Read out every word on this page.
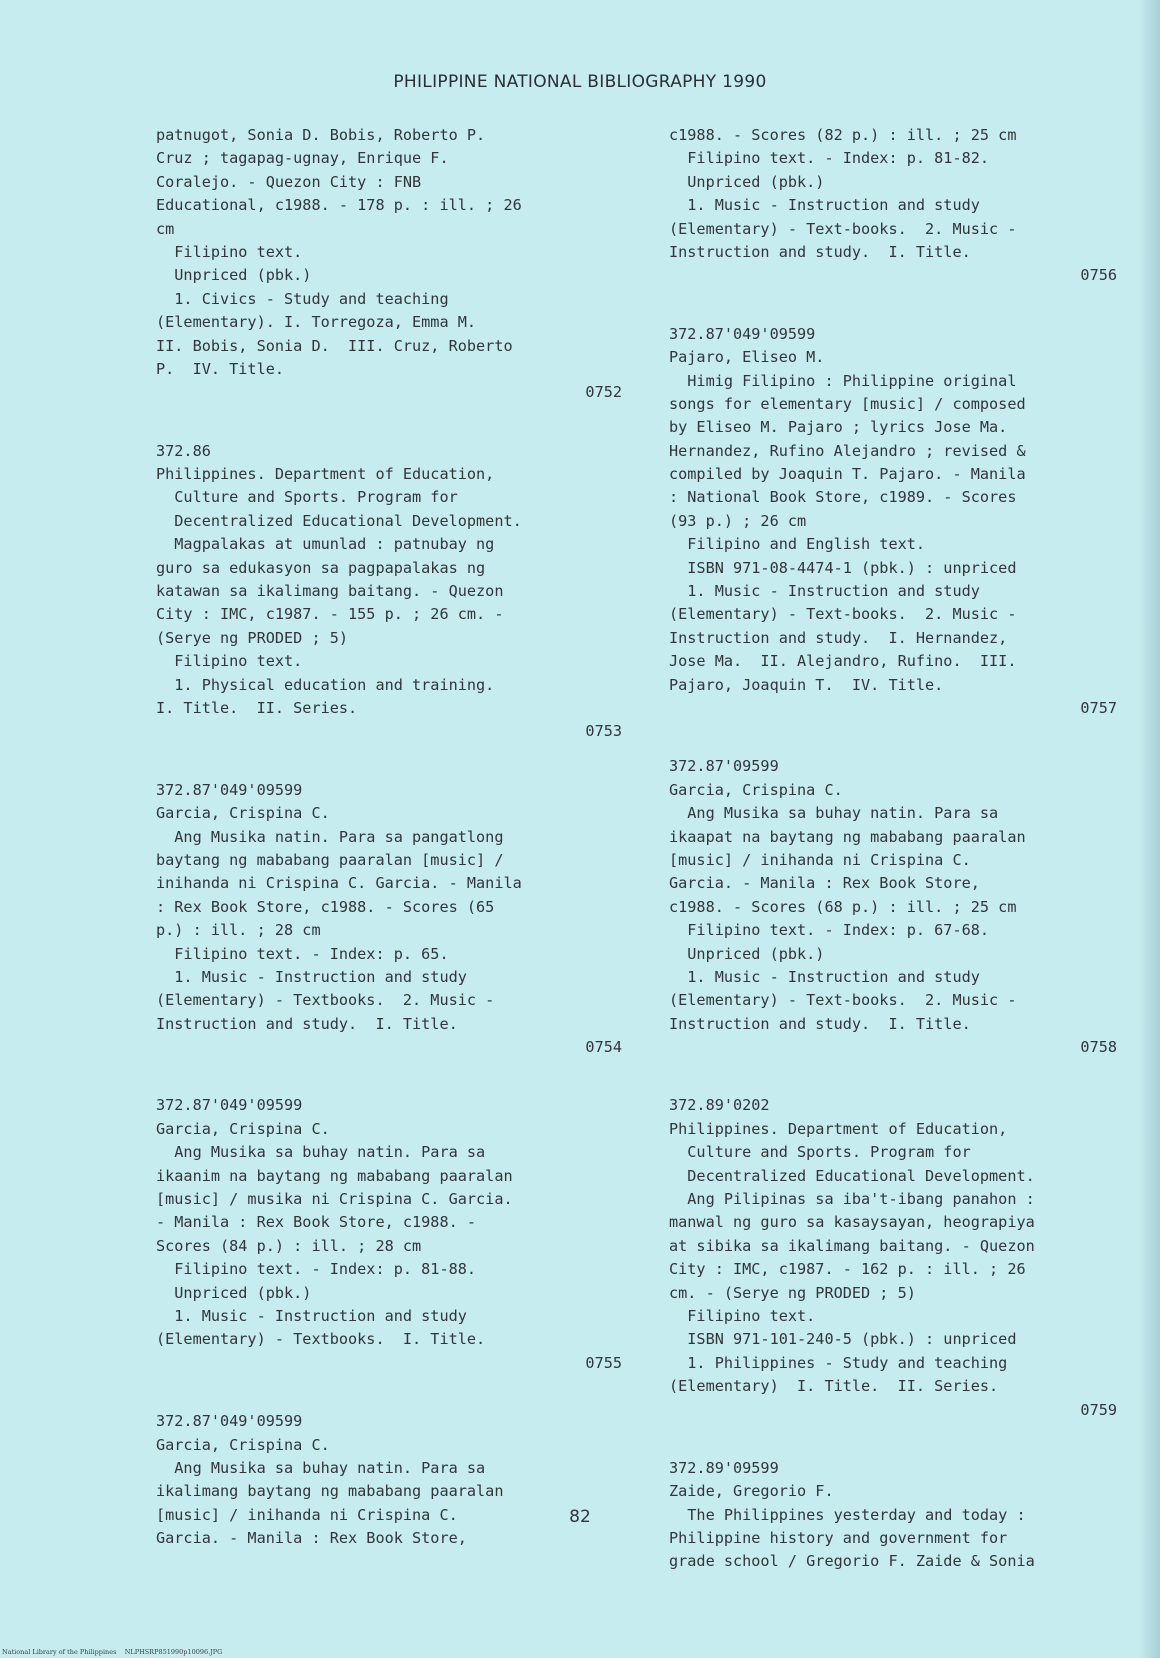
PHILIPPINE NATIONAL BIBLIOGRAPHY 1990
patnugot, Sonia D. Bobis, Roberto P.
Cruz ; tagapag-ugnay, Enrique F.
Coralejo. - Quezon City : FNB
Educational, c1988. - 178 p. : ill. ; 26
cm
Filipino text.
Unpriced (pbk.)
1. Civics - Study and teaching
(Elementary). I. Torregoza, Emma M.
II. Bobis, Sonia D.  III. Cruz, Roberto
P.  IV. Title.
0752
372.86
Philippines. Department of Education,
Culture and Sports. Program for
Decentralized Educational Development.
Magpalakas at umunlad : patnubay ng
guro sa edukasyon sa pagpapalakas ng
katawan sa ikalimang baitang. - Quezon
City : IMC, c1987. - 155 p. ; 26 cm. -
(Serye ng PRODED ; 5)
Filipino text.
1. Physical education and training.
I. Title.  II. Series.
0753
372.87'049'09599
Garcia, Crispina C.
Ang Musika natin. Para sa pangatlong
baytang ng mababang paaralan [music] /
inihanda ni Crispina C. Garcia. - Manila
: Rex Book Store, c1988. - Scores (65
p.) : ill. ; 28 cm
Filipino text. - Index: p. 65.
1. Music - Instruction and study
(Elementary) - Textbooks.  2. Music -
Instruction and study.  I. Title.
0754
372.87'049'09599
Garcia, Crispina C.
Ang Musika sa buhay natin. Para sa
ikaanim na baytang ng mababang paaralan
[music] / musika ni Crispina C. Garcia.
- Manila : Rex Book Store, c1988. -
Scores (84 p.) : ill. ; 28 cm
Filipino text. - Index: p. 81-88.
Unpriced (pbk.)
1. Music - Instruction and study
(Elementary) - Textbooks.  I. Title.
0755
372.87'049'09599
Garcia, Crispina C.
Ang Musika sa buhay natin. Para sa
ikalimang baytang ng mababang paaralan
[music] / inihanda ni Crispina C.
Garcia. - Manila : Rex Book Store,
c1988. - Scores (82 p.) : ill. ; 25 cm
Filipino text. - Index: p. 81-82.
Unpriced (pbk.)
1. Music - Instruction and study
(Elementary) - Text-books.  2. Music -
Instruction and study.  I. Title.
0756
372.87'049'09599
Pajaro, Eliseo M.
Himig Filipino : Philippine original
songs for elementary [music] / composed
by Eliseo M. Pajaro ; lyrics Jose Ma.
Hernandez, Rufino Alejandro ; revised &
compiled by Joaquin T. Pajaro. - Manila
: National Book Store, c1989. - Scores
(93 p.) ; 26 cm
Filipino and English text.
ISBN 971-08-4474-1 (pbk.) : unpriced
1. Music - Instruction and study
(Elementary) - Text-books.  2. Music -
Instruction and study.  I. Hernandez,
Jose Ma.  II. Alejandro, Rufino.  III.
Pajaro, Joaquin T.  IV. Title.
0757
372.87'09599
Garcia, Crispina C.
Ang Musika sa buhay natin. Para sa
ikaapat na baytang ng mababang paaralan
[music] / inihanda ni Crispina C.
Garcia. - Manila : Rex Book Store,
c1988. - Scores (68 p.) : ill. ; 25 cm
Filipino text. - Index: p. 67-68.
Unpriced (pbk.)
1. Music - Instruction and study
(Elementary) - Text-books.  2. Music -
Instruction and study.  I. Title.
0758
372.89'0202
Philippines. Department of Education,
Culture and Sports. Program for
Decentralized Educational Development.
Ang Pilipinas sa iba't-ibang panahon :
manwal ng guro sa kasaysayan, heograpiya
at sibika sa ikalimang baitang. - Quezon
City : IMC, c1987. - 162 p. : ill. ; 26
cm. - (Serye ng PRODED ; 5)
Filipino text.
ISBN 971-101-240-5 (pbk.) : unpriced
1. Philippines - Study and teaching
(Elementary)  I. Title.  II. Series.
0759
372.89'09599
Zaide, Gregorio F.
The Philippines yesterday and today :
Philippine history and government for
grade school / Gregorio F. Zaide & Sonia
82
National Library of the Philippines NLPHSRP851990p10096.JPG
